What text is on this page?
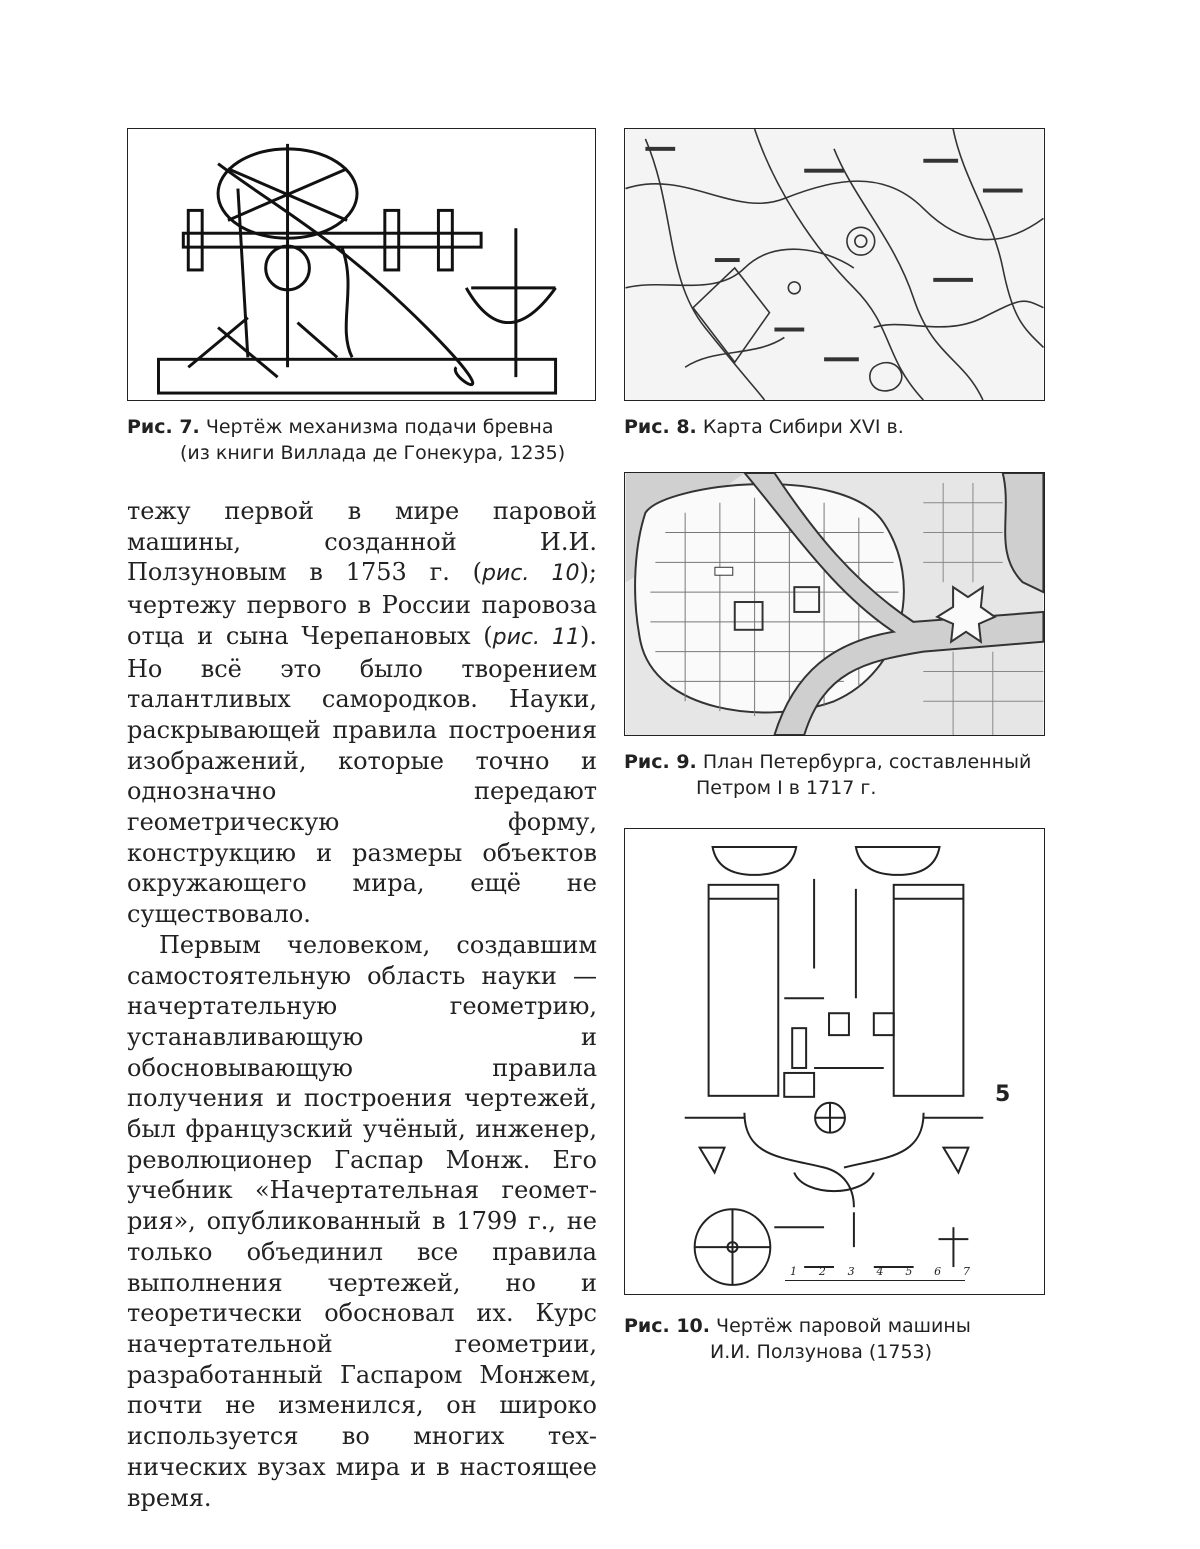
Рис. 7. Чертёж механизма подачи бревна
(из книги Виллада де Гонекура, 1235)
Рис. 8. Карта Сибири XVI в.
Рис. 9. План Петербурга, составленный
Петром I в 1717 г.
1 2 3 4 5 6 7
Рис. 10. Чертёж паровой машины
И.И. Ползунова (1753)

тежу первой в мире паровой машины, созданной И.И. Ползуновым в 1753 г. (рис. 10); чертежу первого в России паровоза отца и сына Черепановых (рис. 11). Но всё это было творением талантливых самородков. Науки, раскрывающей правила построения изображений, которые точно и однозначно передают геометрическую форму, конструкцию и размеры объектов окружающего мира, ещё не существовало.

Первым человеком, создавшим самостоятельную область науки — начертательную геометрию, устанавливающую и обосновывающую правила получения и построения чертежей, был французский учёный, инженер, революционер Гаспар Монж. Его учебник «Начертательная геометрия», опубликованный в 1799 г., не только объединил все правила выполнения чертежей, но и теоретически обосновал их. Курс начертательной геометрии, разработанный Гаспаром Монжем, почти не изменился, он широко используется во многих технических вузах мира и в настоящее время.

5
